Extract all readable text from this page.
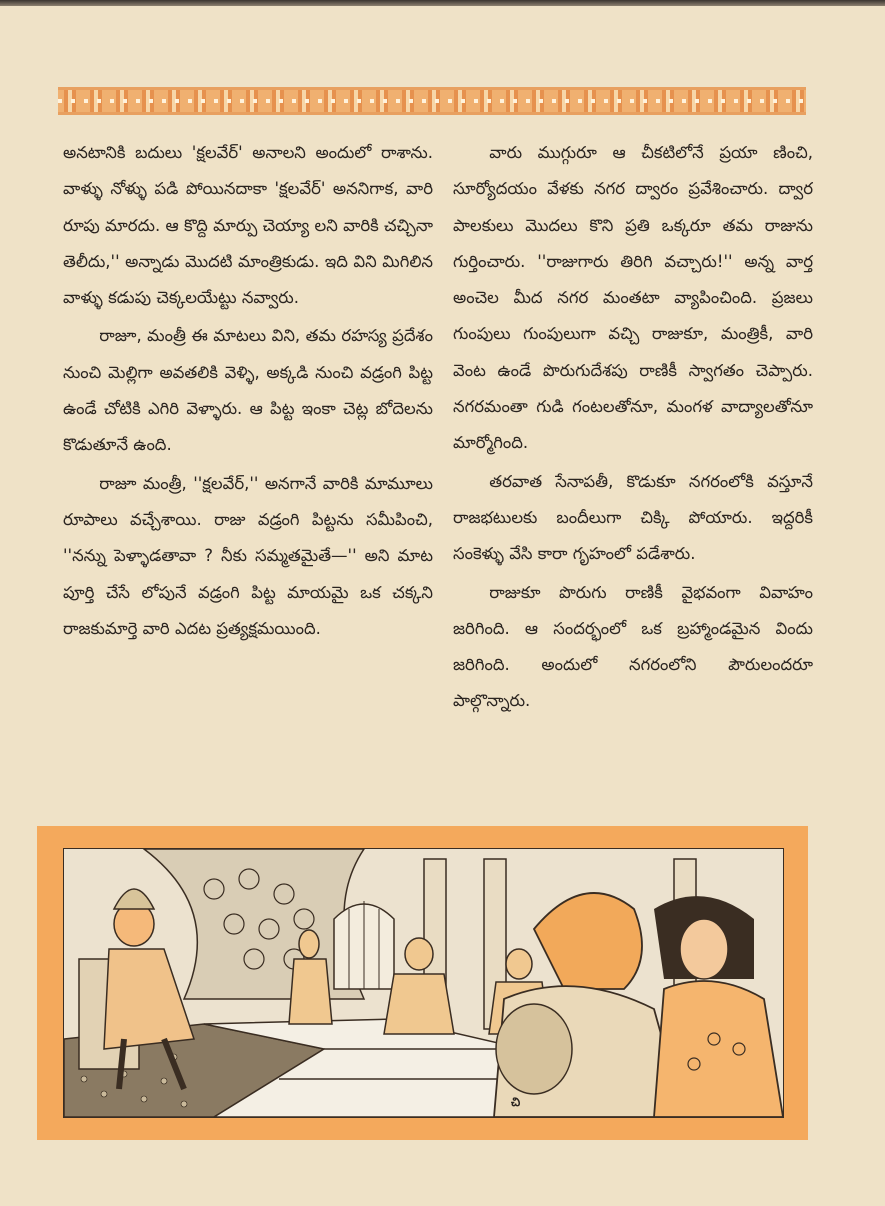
అనటానికి బదులు 'క్షలవేర్' అనాలని అందులో రాశాను. వాళ్ళు నోళ్ళు పడి పోయినదాకా 'క్షలవేర్' అననిగాక, వారి రూపు మారదు. ఆ కొద్ది మార్పు చెయ్యా లని వారికి చచ్చినా తెలీదు,'' అన్నాడు మొదటి మాంత్రికుడు. ఇది విని మిగిలిన వాళ్ళు కడుపు చెక్కలయేట్టు నవ్వారు.

రాజూ, మంత్రీ ఈ మాటలు విని, తమ రహస్య ప్రదేశం నుంచి మెల్లిగా అవతలికి వెళ్ళి, అక్కడి నుంచి వడ్రంగి పిట్ట ఉండే చోటికి ఎగిరి వెళ్ళారు. ఆ పిట్ట ఇంకా చెట్ల బోదెలను కొడుతూనే ఉంది.

రాజూ మంత్రీ, ''క్షలవేర్,'' అనగానే వారికి మామూలు రూపాలు వచ్చేశాయి. రాజు వడ్రంగి పిట్టను సమీపించి, ''నన్ను పెళ్ళాడతావా ? నీకు సమ్మతమైతే—'' అని మాట పూర్తి చేసే లోపునే వడ్రంగి పిట్ట మాయమై ఒక చక్కని రాజకుమార్తె వారి ఎదట ప్రత్యక్షమయింది.

వారు ముగ్గురూ ఆ చీకటిలోనే ప్రయా ణించి, సూర్యోదయం వేళకు నగర ద్వారం ప్రవేశించారు. ద్వార పాలకులు మొదలు కొని ప్రతి ఒక్కరూ తమ రాజును గుర్తించారు. ''రాజుగారు తిరిగి వచ్చారు!'' అన్న వార్త అంచెల మీద నగర మంతటా వ్యాపించింది. ప్రజలు గుంపులు గుంపులుగా వచ్చి రాజుకూ, మంత్రికీ, వారి వెంట ఉండే పొరుగుదేశపు రాణికీ స్వాగతం చెప్పారు. నగరమంతా గుడి గంటలతోనూ, మంగళ వాద్యాలతోనూ మార్మోగింది.

తరవాత సేనాపతీ, కొడుకూ నగరంలోకి వస్తూనే రాజభటులకు బందీలుగా చిక్కి పోయారు. ఇద్దరికీ సంకెళ్ళు వేసి కారా గృహంలో పడేశారు.

రాజుకూ పొరుగు రాణికీ వైభవంగా వివాహం జరిగింది. ఆ సందర్భంలో ఒక బ్రహ్మాండమైన విందు జరిగింది. అందులో నగరంలోని పౌరులందరూ పాల్గొన్నారు.

చి
